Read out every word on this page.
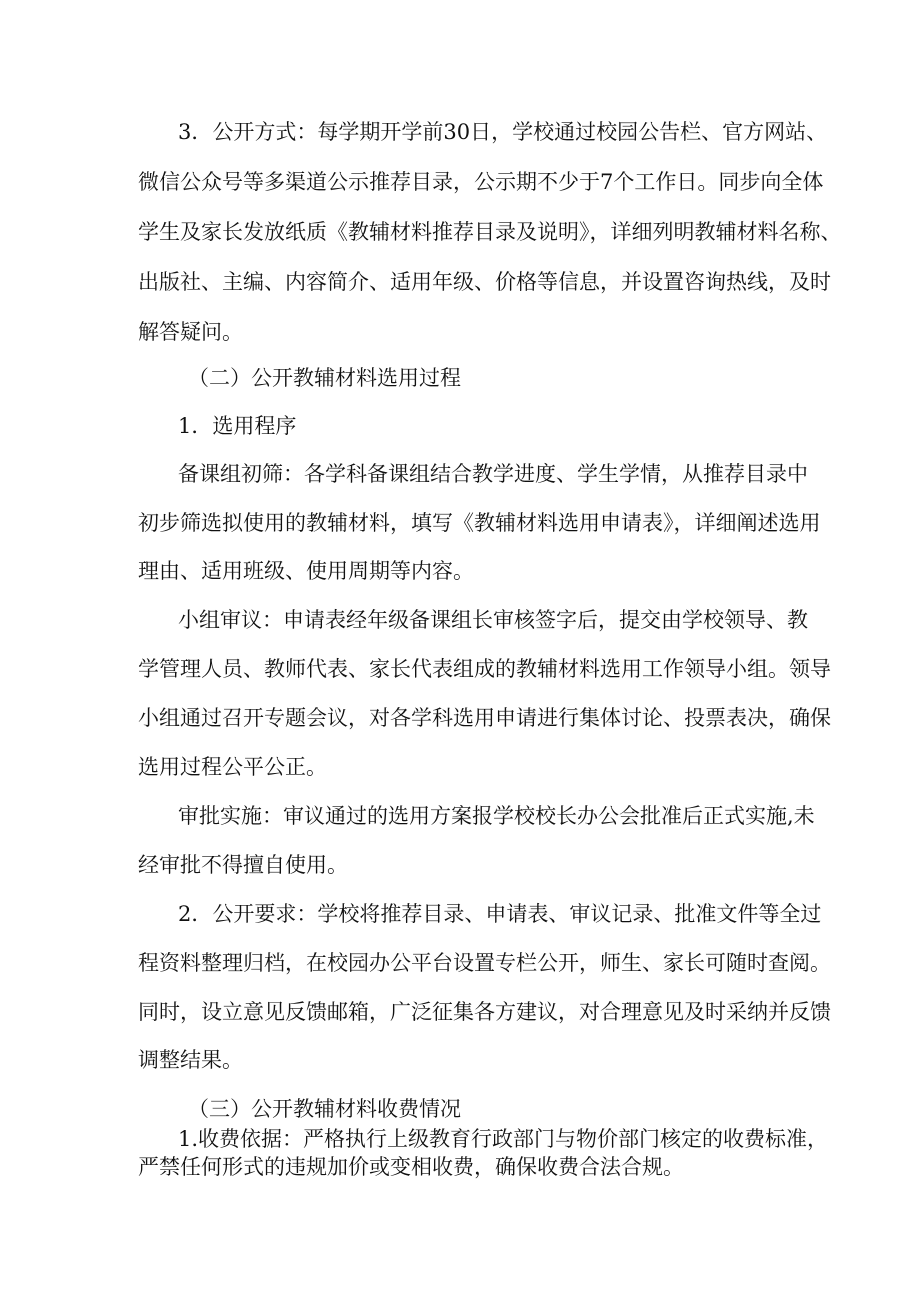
3．公开方式：每学期开学前30日，学校通过校园公告栏、官方网站、
微信公众号等多渠道公示推荐目录，公示期不少于7个工作日。同步向全体
学生及家长发放纸质《教辅材料推荐目录及说明》，详细列明教辅材料名称、
出版社、主编、内容简介、适用年级、价格等信息，并设置咨询热线，及时
解答疑问。
（二）公开教辅材料选用过程
1．选用程序
备课组初筛：各学科备课组结合教学进度、学生学情，从推荐目录中
初步筛选拟使用的教辅材料，填写《教辅材料选用申请表》，详细阐述选用
理由、适用班级、使用周期等内容。
小组审议：申请表经年级备课组长审核签字后，提交由学校领导、教
学管理人员、教师代表、家长代表组成的教辅材料选用工作领导小组。领导
小组通过召开专题会议，对各学科选用申请进行集体讨论、投票表决，确保
选用过程公平公正。
审批实施：审议通过的选用方案报学校校长办公会批准后正式实施,未
经审批不得擅自使用。
2．公开要求：学校将推荐目录、申请表、审议记录、批准文件等全过
程资料整理归档，在校园办公平台设置专栏公开，师生、家长可随时查阅。
同时，设立意见反馈邮箱，广泛征集各方建议，对合理意见及时采纳并反馈
调整结果。
（三）公开教辅材料收费情况
1.收费依据：严格执行上级教育行政部门与物价部门核定的收费标准，
严禁任何形式的违规加价或变相收费，确保收费合法合规。
